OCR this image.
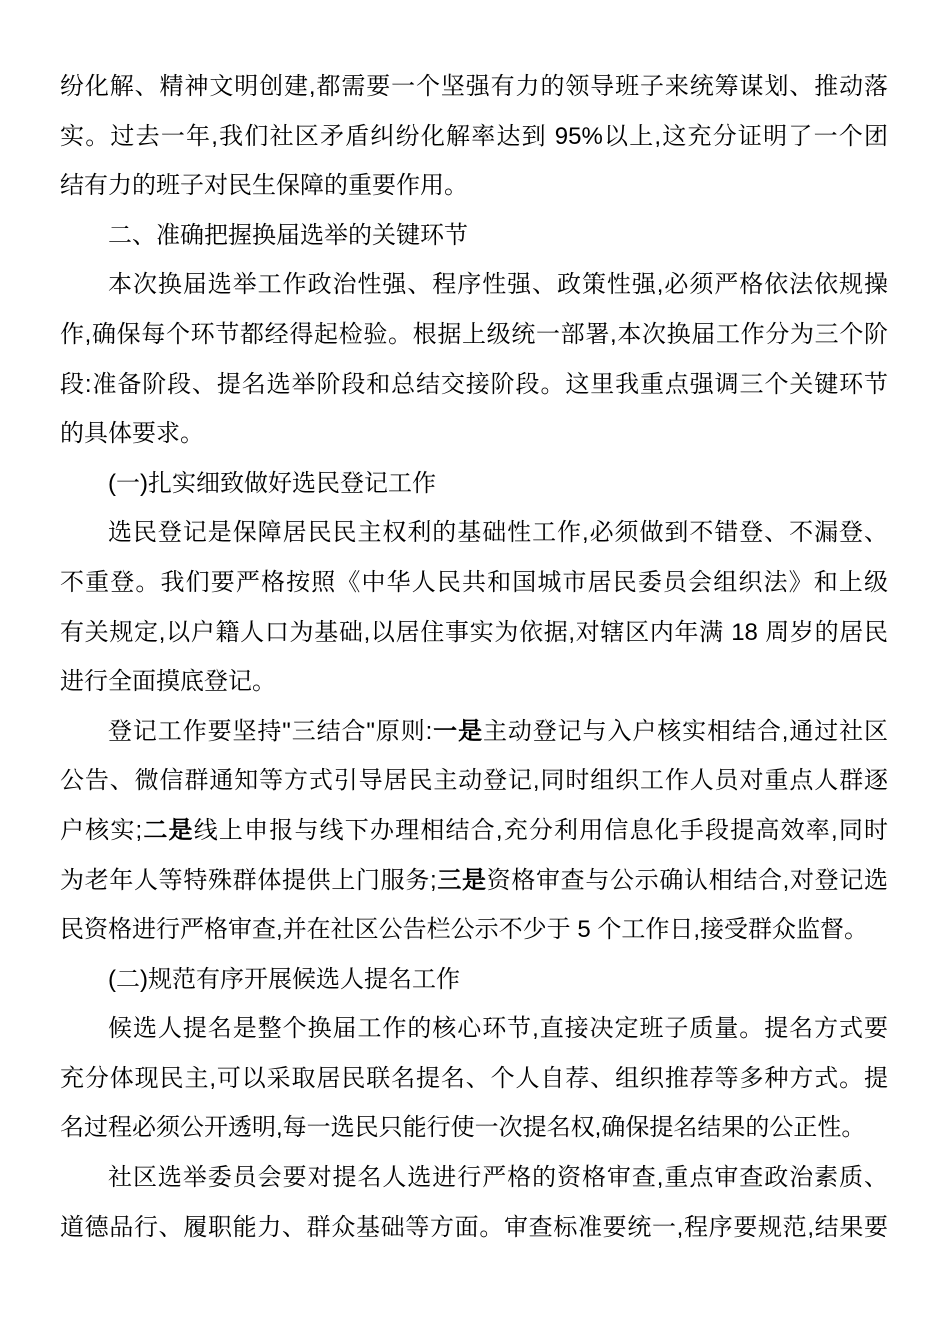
纷化解、精神文明创建,都需要一个坚强有力的领导班子来统筹谋划、推动落
实。过去一年,我们社区矛盾纠纷化解率达到 95%以上,这充分证明了一个团
结有力的班子对民生保障的重要作用。
二、准确把握换届选举的关键环节
本次换届选举工作政治性强、程序性强、政策性强,必须严格依法依规操
作,确保每个环节都经得起检验。根据上级统一部署,本次换届工作分为三个阶
段:准备阶段、提名选举阶段和总结交接阶段。这里我重点强调三个关键环节
的具体要求。
(一)扎实细致做好选民登记工作
选民登记是保障居民民主权利的基础性工作,必须做到不错登、不漏登、
不重登。我们要严格按照《中华人民共和国城市居民委员会组织法》和上级
有关规定,以户籍人口为基础,以居住事实为依据,对辖区内年满 18 周岁的居民
进行全面摸底登记。
登记工作要坚持"三结合"原则:一是主动登记与入户核实相结合,通过社区
公告、微信群通知等方式引导居民主动登记,同时组织工作人员对重点人群逐
户核实;二是线上申报与线下办理相结合,充分利用信息化手段提高效率,同时
为老年人等特殊群体提供上门服务;三是资格审查与公示确认相结合,对登记选
民资格进行严格审查,并在社区公告栏公示不少于 5 个工作日,接受群众监督。
(二)规范有序开展候选人提名工作
候选人提名是整个换届工作的核心环节,直接决定班子质量。提名方式要
充分体现民主,可以采取居民联名提名、个人自荐、组织推荐等多种方式。提
名过程必须公开透明,每一选民只能行使一次提名权,确保提名结果的公正性。
社区选举委员会要对提名人选进行严格的资格审查,重点审查政治素质、
道德品行、履职能力、群众基础等方面。审查标准要统一,程序要规范,结果要
